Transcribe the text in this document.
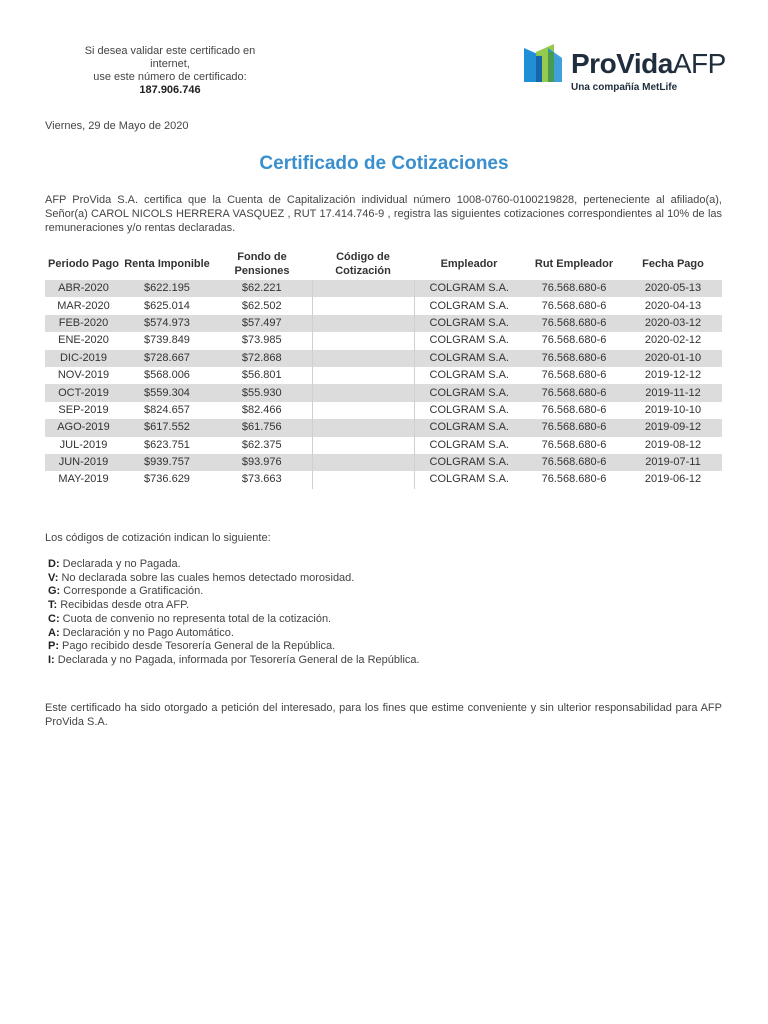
Si desea validar este certificado en internet,
use este número de certificado:
187.906.746
ProVidaAFP
Una compañía MetLife
Viernes, 29 de Mayo de 2020
Certificado de Cotizaciones
AFP ProVida S.A. certifica que la Cuenta de Capitalización individual número 1008-0760-0100219828, perteneciente al afiliado(a), Señor(a) CAROL NICOLS HERRERA VASQUEZ , RUT 17.414.746-9 , registra las siguientes cotizaciones correspondientes al 10% de las remuneraciones y/o rentas declaradas.
Periodo Pago	Renta Imponible	Fondo de Pensiones	Código de Cotización	Empleador	Rut Empleador	Fecha Pago
ABR-2020	$622.195	$62.221		COLGRAM S.A.	76.568.680-6	2020-05-13
MAR-2020	$625.014	$62.502		COLGRAM S.A.	76.568.680-6	2020-04-13
FEB-2020	$574.973	$57.497		COLGRAM S.A.	76.568.680-6	2020-03-12
ENE-2020	$739.849	$73.985		COLGRAM S.A.	76.568.680-6	2020-02-12
DIC-2019	$728.667	$72.868		COLGRAM S.A.	76.568.680-6	2020-01-10
NOV-2019	$568.006	$56.801		COLGRAM S.A.	76.568.680-6	2019-12-12
OCT-2019	$559.304	$55.930		COLGRAM S.A.	76.568.680-6	2019-11-12
SEP-2019	$824.657	$82.466		COLGRAM S.A.	76.568.680-6	2019-10-10
AGO-2019	$617.552	$61.756		COLGRAM S.A.	76.568.680-6	2019-09-12
JUL-2019	$623.751	$62.375		COLGRAM S.A.	76.568.680-6	2019-08-12
JUN-2019	$939.757	$93.976		COLGRAM S.A.	76.568.680-6	2019-07-11
MAY-2019	$736.629	$73.663		COLGRAM S.A.	76.568.680-6	2019-06-12
Los códigos de cotización indican lo siguiente:
D: Declarada y no Pagada.
V: No declarada sobre las cuales hemos detectado morosidad.
G: Corresponde a Gratificación.
T: Recibidas desde otra AFP.
C: Cuota de convenio no representa total de la cotización.
A: Declaración y no Pago Automático.
P: Pago recibido desde Tesorería General de la República.
I: Declarada y no Pagada, informada por Tesorería General de la República.
Este certificado ha sido otorgado a petición del interesado, para los fines que estime conveniente y sin ulterior responsabilidad para AFP ProVida S.A.
